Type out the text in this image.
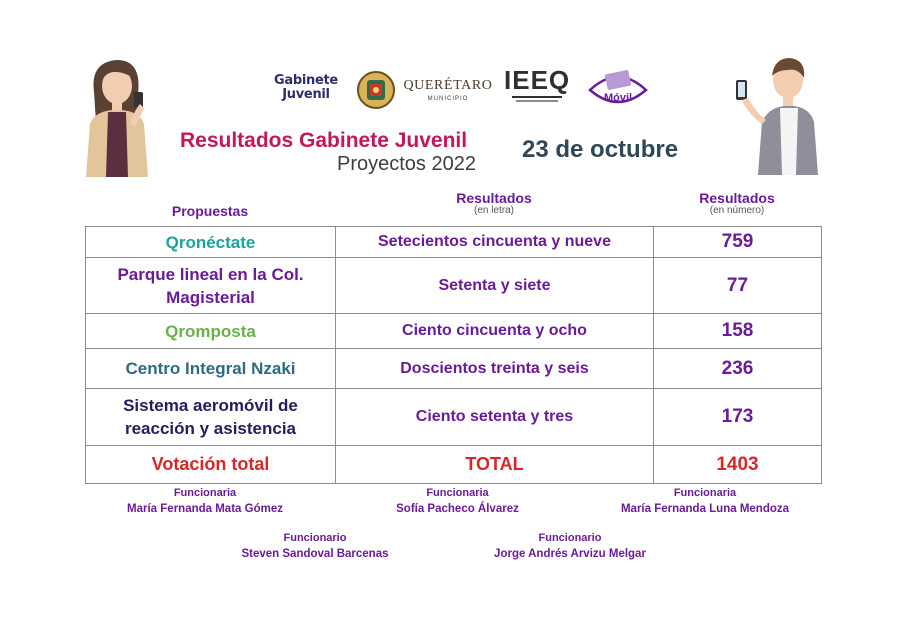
Gabinete
Juvenil
QUERÉTARO
MUNICIPIO
IEEQ
Móvil
Resultados Gabinete Juvenil
Proyectos 2022
23 de octubre
Propuestas
Resultados
(en letra)
Resultados
(en número)
Qronéctate	Setecientos cincuenta y nueve	759
Parque lineal en la Col. Magisterial	Setenta y siete	77
Qromposta	Ciento cincuenta y ocho	158
Centro Integral Nzaki	Doscientos treinta y seis	236
Sistema aeromóvil de reacción y asistencia	Ciento setenta y tres	173
Votación total	TOTAL	1403
Funcionaria
María Fernanda Mata Gómez
Funcionaria
Sofía Pacheco Álvarez
Funcionaria
María Fernanda Luna Mendoza
Funcionario
Steven Sandoval Barcenas
Funcionario
Jorge Andrés Arvizu Melgar
